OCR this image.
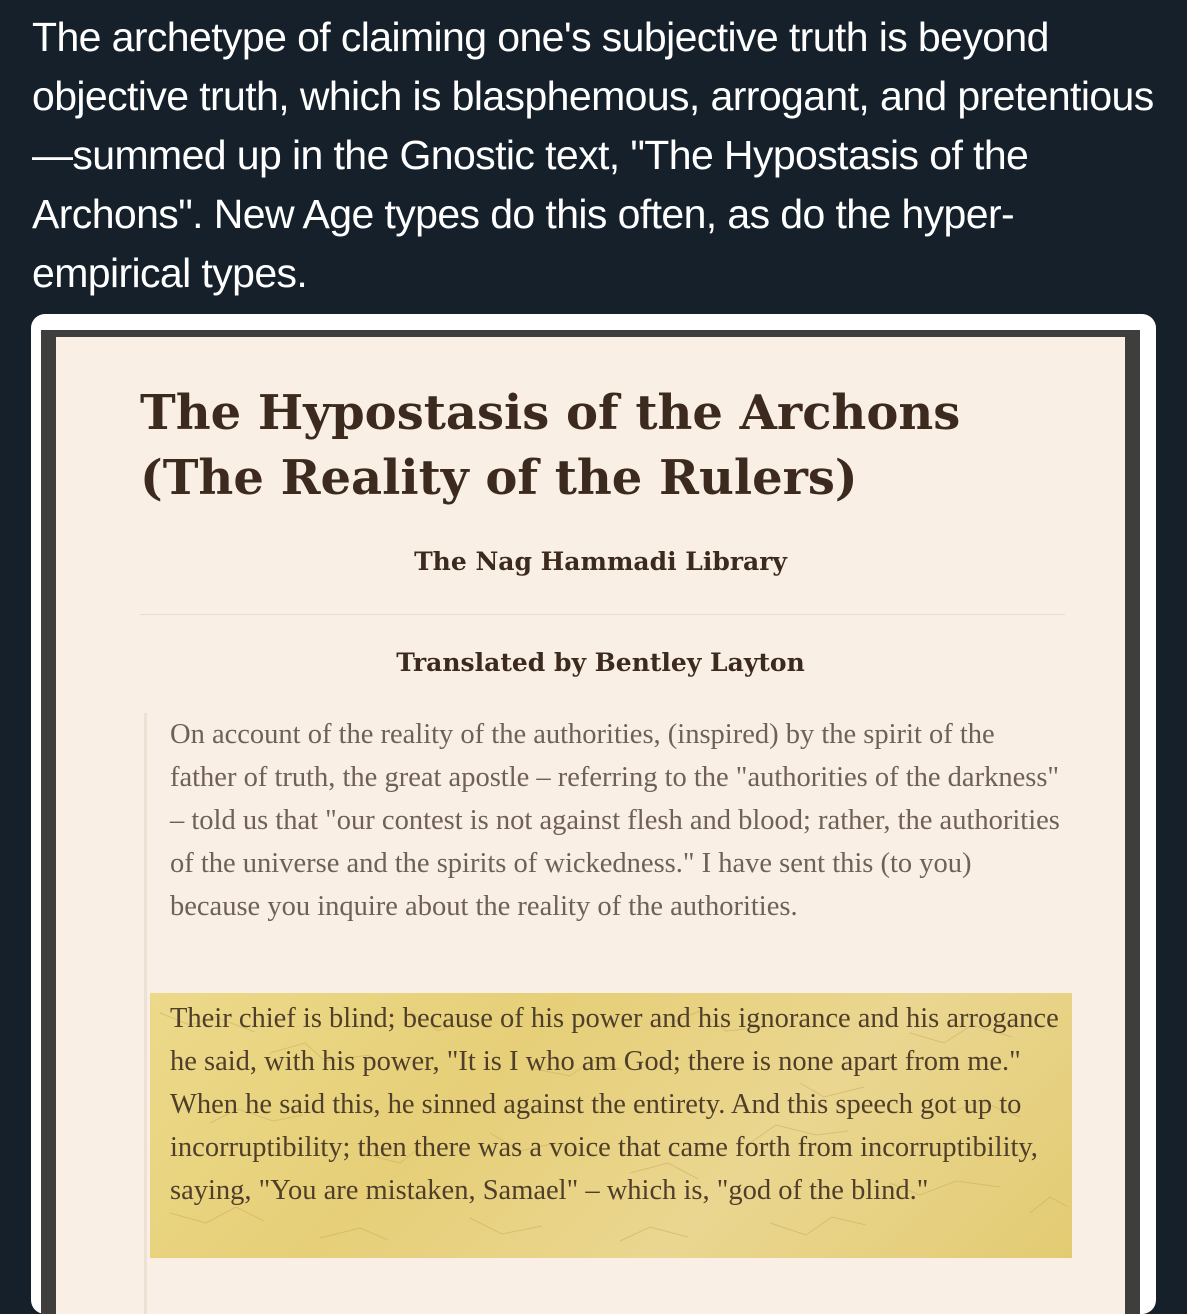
The archetype of claiming one's subjective truth is beyond
objective truth, which is blasphemous, arrogant, and pretentious
—summed up in the Gnostic text, "The Hypostasis of the
Archons". New Age types do this often, as do the hyper-
empirical types.
The Hypostasis of the Archons (The Reality of the Rulers)
The Nag Hammadi Library
Translated by Bentley Layton

On account of the reality of the authorities, (inspired) by the spirit of the father of truth, the great apostle – referring to the "authorities of the darkness" – told us that "our contest is not against flesh and blood; rather, the authorities of the universe and the spirits of wickedness." I have sent this (to you) because you inquire about the reality of the authorities.

Their chief is blind; because of his power and his ignorance and his arrogance he said, with his power, "It is I who am God; there is none apart from me." When he said this, he sinned against the entirety. And this speech got up to incorruptibility; then there was a voice that came forth from incorruptibility, saying, "You are mistaken, Samael" – which is, "god of the blind."
